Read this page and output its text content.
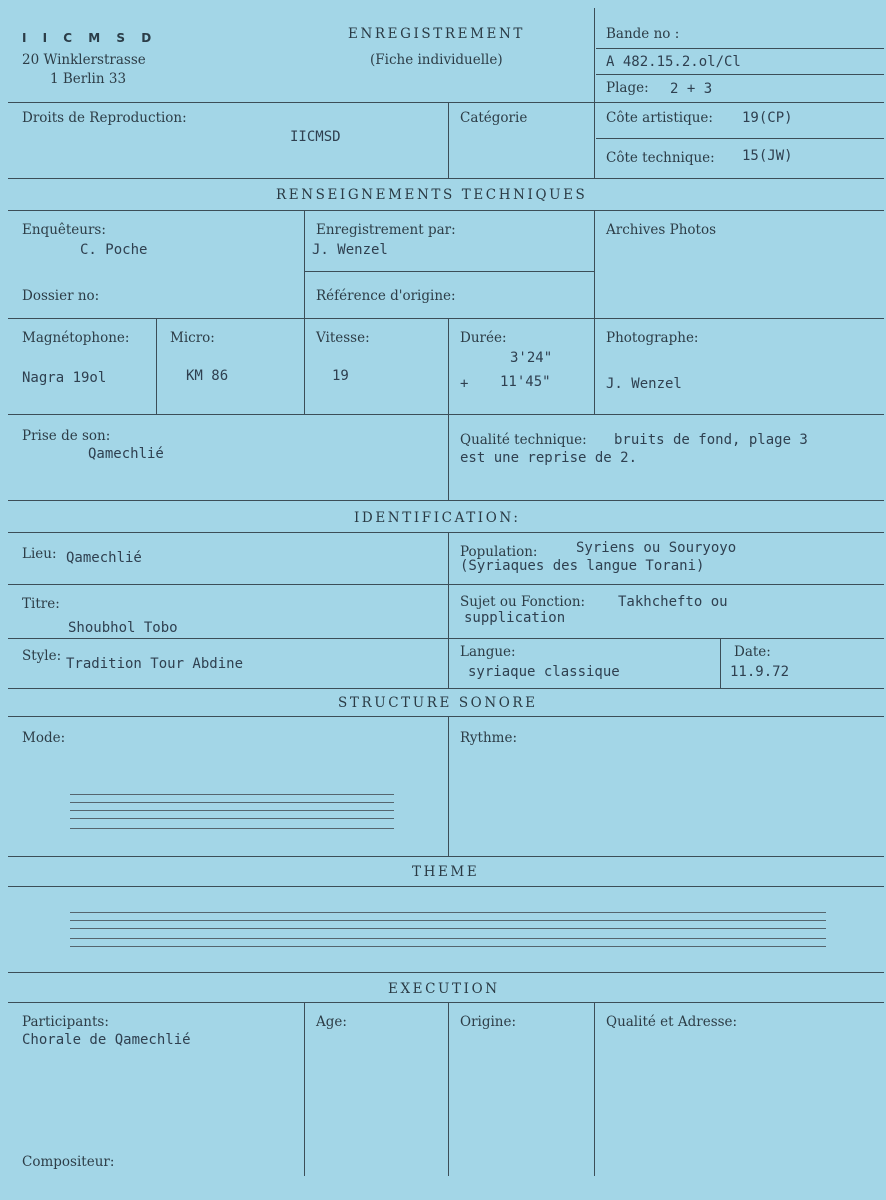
I I C M S D
20 Winklerstrasse
1 Berlin 33
ENREGISTREMENT
(Fiche individuelle)
Bande no :
A 482.15.2.ol/Cl
Plage: 2 + 3
Droits de Reproduction:
IICMSD
Catégorie	Côte artistique: 19(CP)
Côte technique: 15(JW)
RENSEIGNEMENTS TECHNIQUES
Enquêteurs:
C. Poche
Enregistrement par:
J. Wenzel
Archives Photos
Dossier no:	Référence d'origine:
Magnétophone:
Nagra 19ol
Micro:
KM 86
Vitesse:
19
Durée:
3'24"
+ 11'45"
Photographe:
J. Wenzel
Prise de son:
Qamechlié
Qualité technique: bruits de fond, plage 3
est une reprise de 2.
IDENTIFICATION:
Lieu: Qamechlié	Population:	Syriens ou Souryoyo
(Syriaques des langue Torani)
Titre:
Shoubhol Tobo
Sujet ou Fonction: Takhchefto ou
supplication
Style: Tradition Tour Abdine
Langue:
syriaque classique
Date:
11.9.72
STRUCTURE SONORE
Mode:	Rythme:
THEME
EXECUTION
Participants:
Chorale de Qamechlié
Age:	Origine:	Qualité et Adresse:
Compositeur:
